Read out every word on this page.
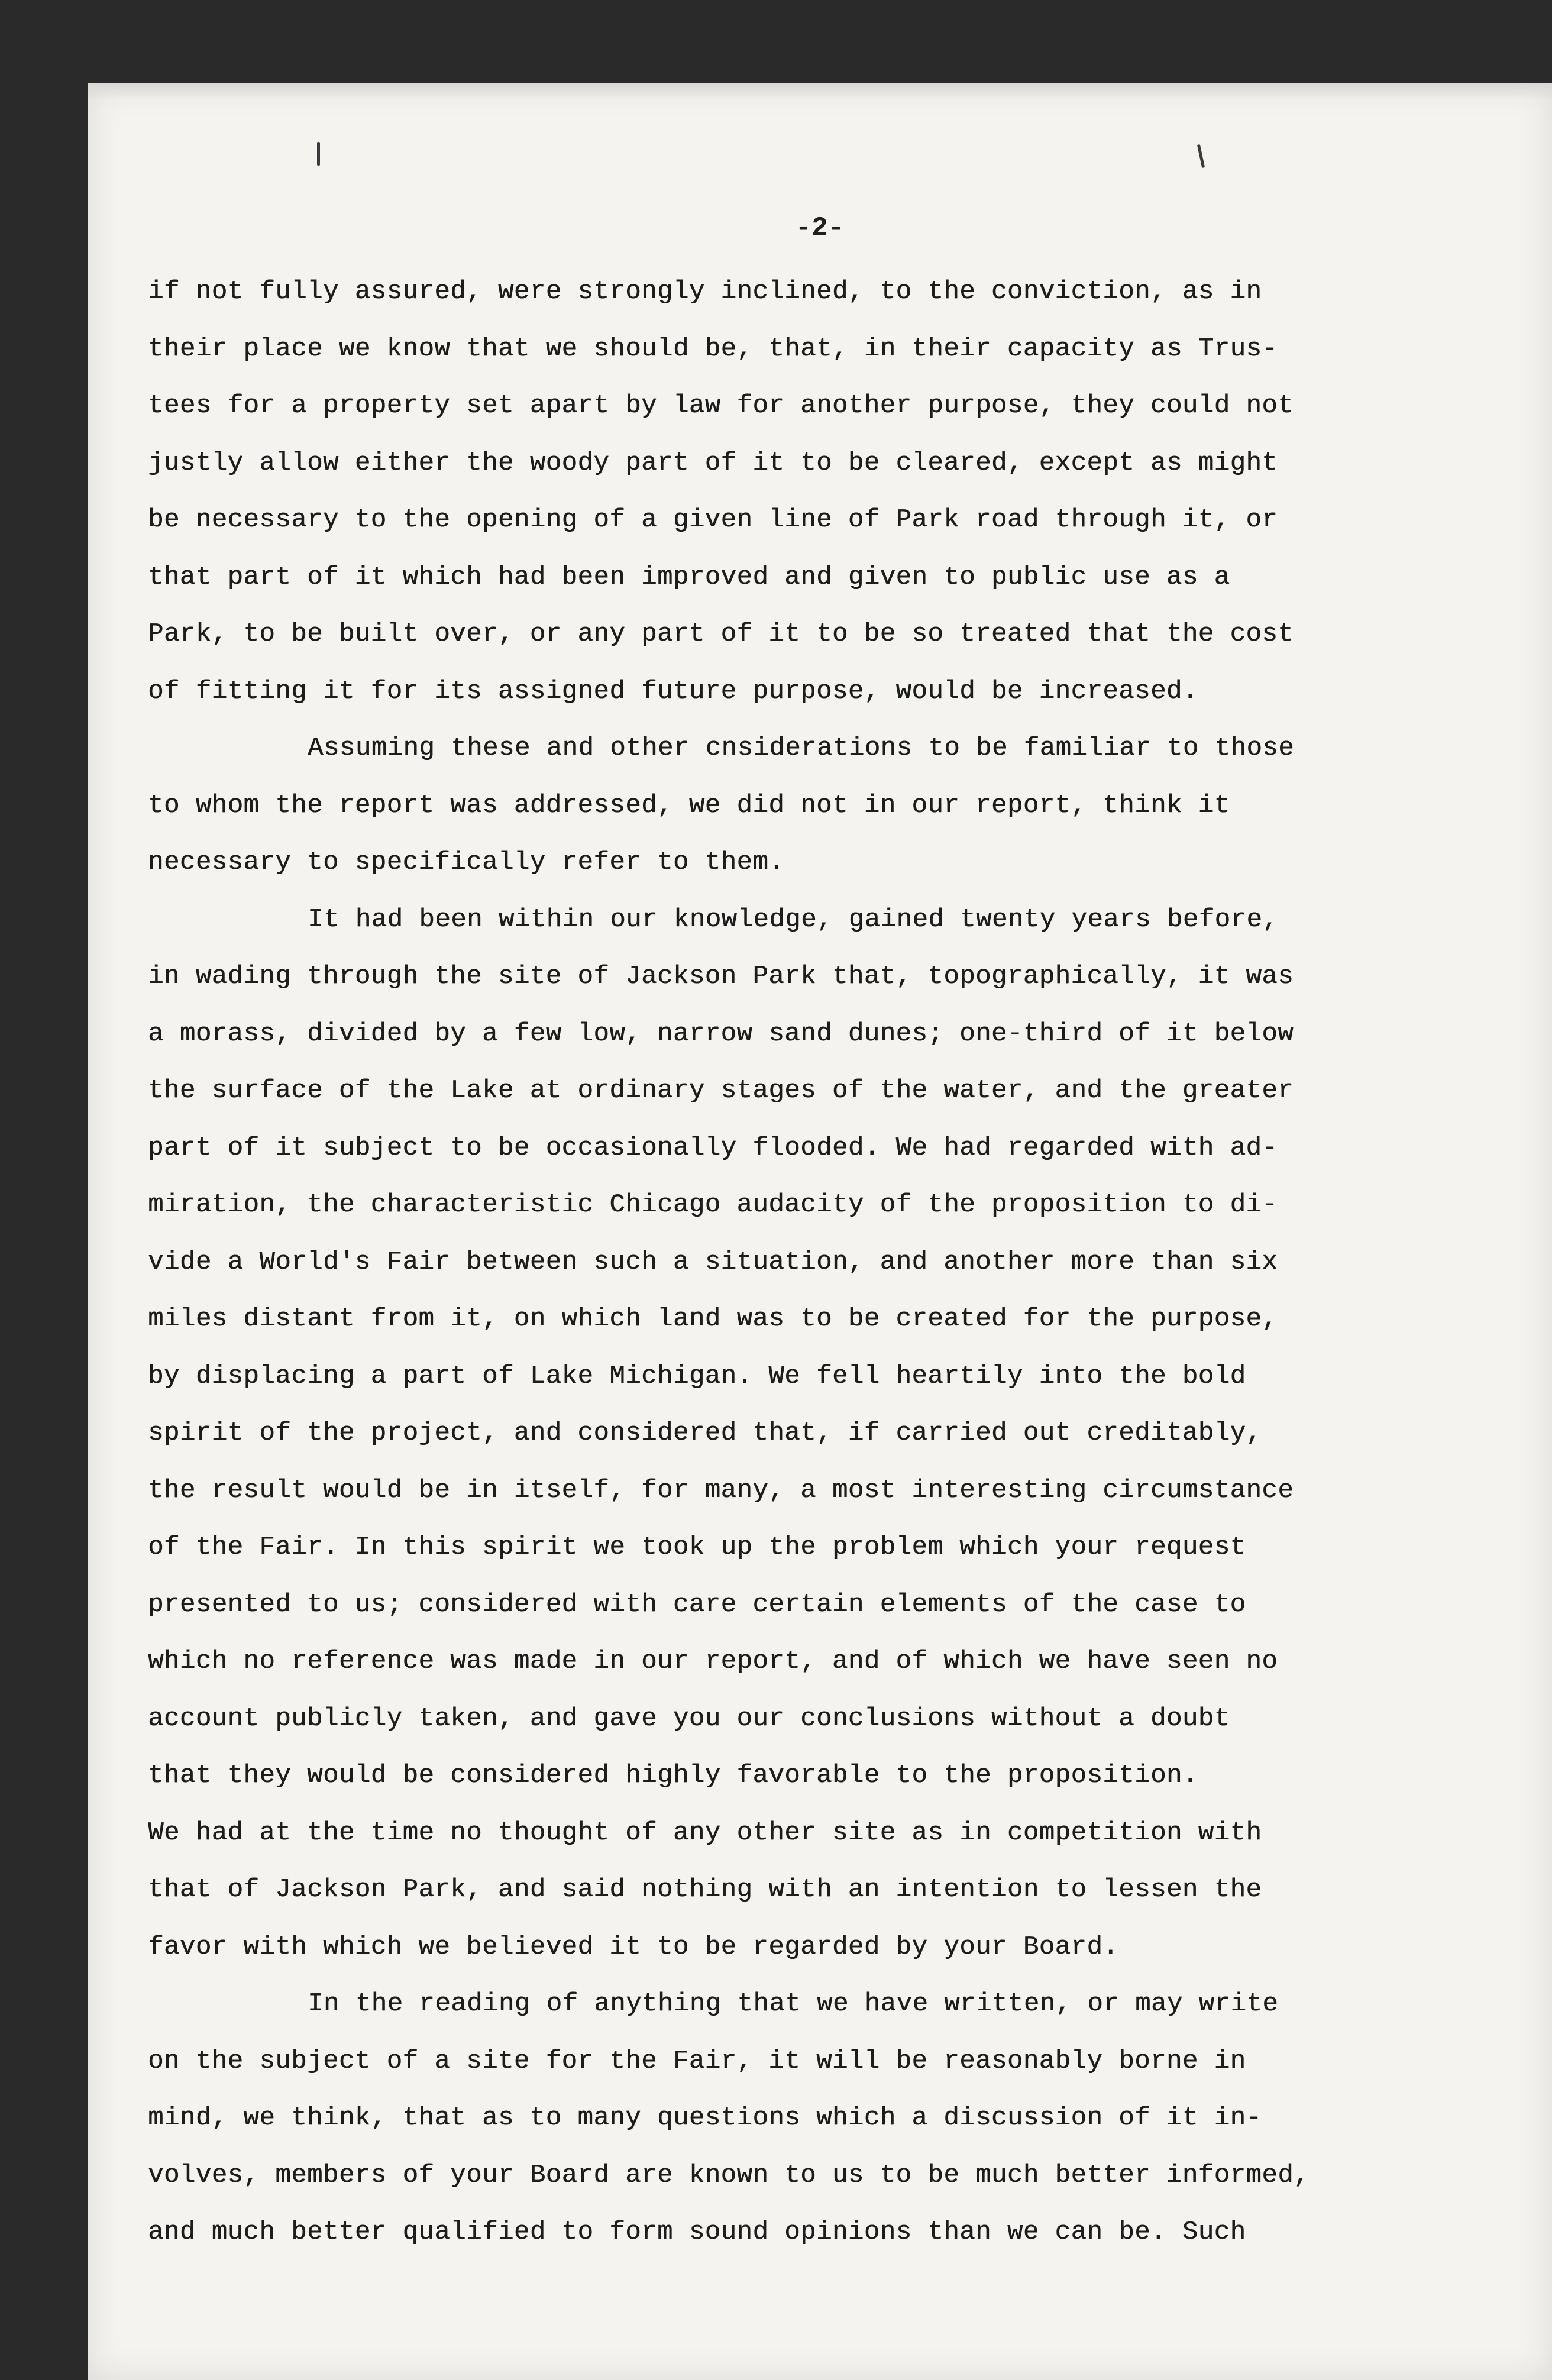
-2-
if not fully assured, were strongly inclined, to the conviction, as in
their place we know that we should be, that, in their capacity as Trus-
tees for a property set apart by law for another purpose, they could not
justly allow either the woody part of it to be cleared, except as might
be necessary to the opening of a given line of Park road through it, or
that part of it which had been improved and given to public use as a
Park, to be built over, or any part of it to be so treated that the cost
of fitting it for its assigned future purpose, would be increased.
Assuming these and other cnsiderations to be familiar to those
to whom the report was addressed, we did not in our report, think it
necessary to specifically refer to them.
It had been within our knowledge, gained twenty years before,
in wading through the site of Jackson Park that, topographically, it was
a morass, divided by a few low, narrow sand dunes; one-third of it below
the surface of the Lake at ordinary stages of the water, and the greater
part of it subject to be occasionally flooded. We had regarded with ad-
miration, the characteristic Chicago audacity of the proposition to di-
vide a World's Fair between such a situation, and another more than six
miles distant from it, on which land was to be created for the purpose,
by displacing a part of Lake Michigan. We fell heartily into the bold
spirit of the project, and considered that, if carried out creditably,
the result would be in itself, for many, a most interesting circumstance
of the Fair. In this spirit we took up the problem which your request
presented to us; considered with care certain elements of the case to
which no reference was made in our report, and of which we have seen no
account publicly taken, and gave you our conclusions without a doubt
that they would be considered highly favorable to the proposition.
We had at the time no thought of any other site as in competition with
that of Jackson Park, and said nothing with an intention to lessen the
favor with which we believed it to be regarded by your Board.
In the reading of anything that we have written, or may write
on the subject of a site for the Fair, it will be reasonably borne in
mind, we think, that as to many questions which a discussion of it in-
volves, members of your Board are known to us to be much better informed,
and much better qualified to form sound opinions than we can be. Such
